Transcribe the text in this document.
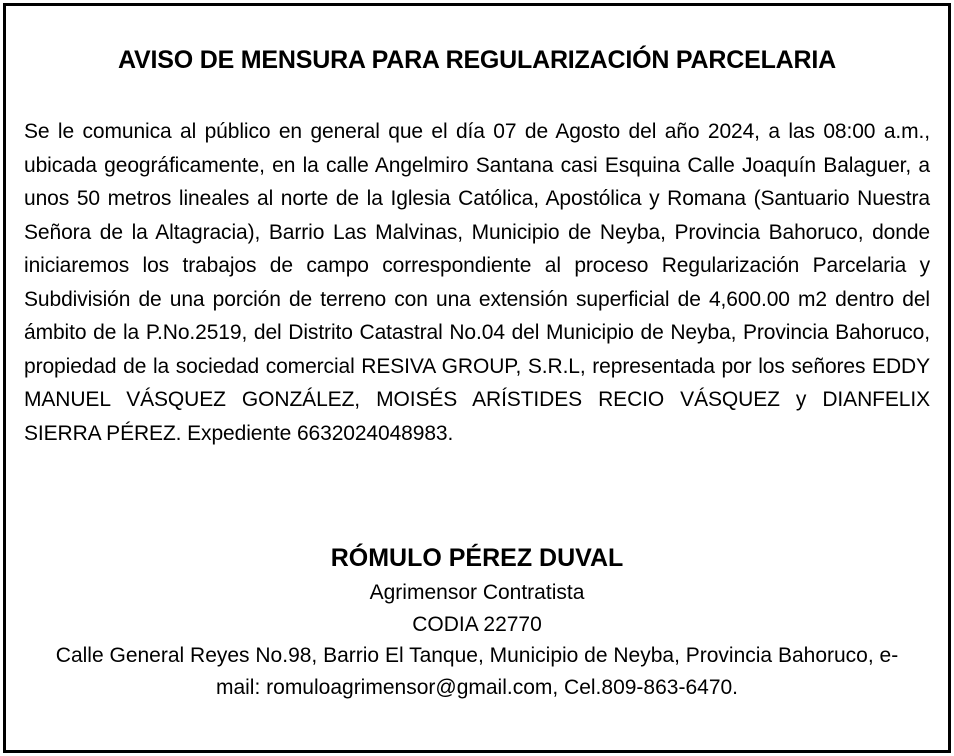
AVISO DE MENSURA PARA REGULARIZACIÓN PARCELARIA
Se le comunica al público en general que el día 07 de Agosto del año 2024, a las 08:00 a.m., ubicada geográficamente, en la calle Angelmiro Santana casi Esquina Calle Joaquín Balaguer, a unos 50 metros lineales al norte de la Iglesia Católica, Apostólica y Romana (Santuario Nuestra Señora de la Altagracia), Barrio Las Malvinas, Municipio de Neyba, Provincia Bahoruco, donde iniciaremos los trabajos de campo correspondiente al proceso Regularización Parcelaria y Subdivisión de una porción de terreno con una extensión superficial de 4,600.00 m2 dentro del ámbito de la P.No.2519, del Distrito Catastral No.04 del Municipio de Neyba, Provincia Bahoruco, propiedad de la sociedad comercial RESIVA GROUP, S.R.L, representada por los señores EDDY MANUEL VÁSQUEZ GONZÁLEZ, MOISÉS ARÍSTIDES RECIO VÁSQUEZ y DIANFELIX SIERRA PÉREZ. Expediente 6632024048983.
RÓMULO PÉREZ DUVAL
Agrimensor Contratista
CODIA 22770
Calle General Reyes No.98, Barrio El Tanque, Municipio de Neyba, Provincia Bahoruco, e-mail: romuloagrimensor@gmail.com, Cel.809-863-6470.
